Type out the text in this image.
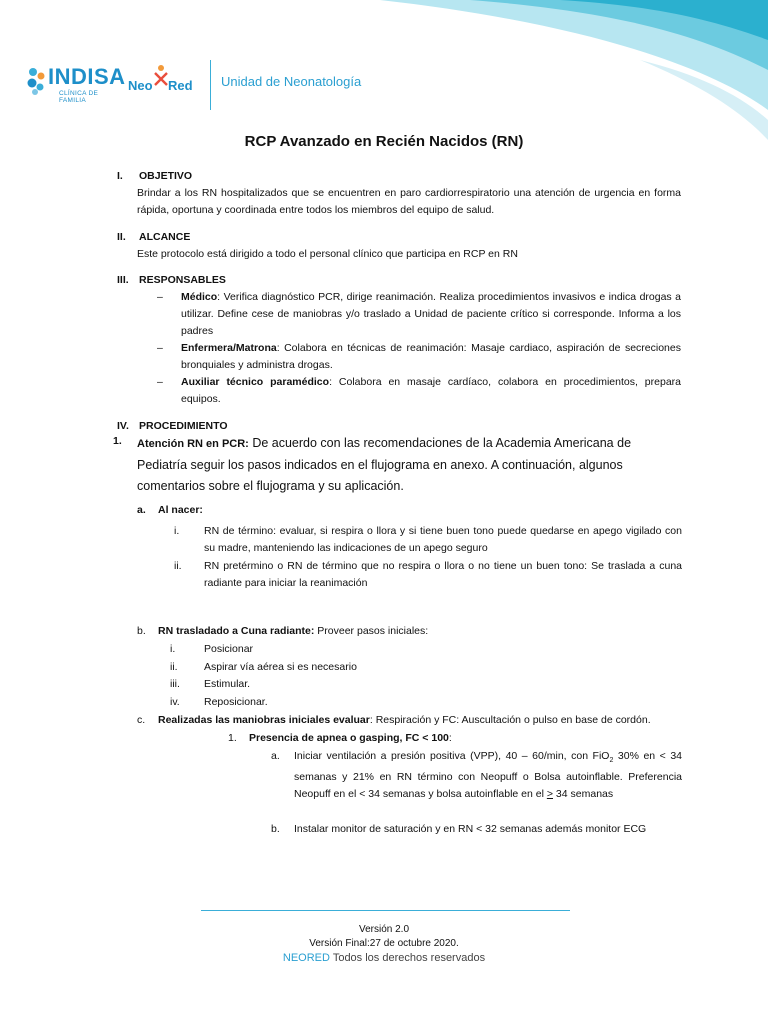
INDISA
CLÍNICA DE FAMILIA
Neo Red Unidad de Neonatología
RCP Avanzado en Recién Nacidos (RN)
I. OBJETIVO
Brindar a los RN hospitalizados que se encuentren en paro cardiorrespiratorio una atención de urgencia en forma rápida, oportuna y coordinada entre todos los miembros del equipo de salud.
II. ALCANCE
Este protocolo está dirigido a todo el personal clínico que participa en RCP en RN
III. RESPONSABLES
– Médico: Verifica diagnóstico PCR, dirige reanimación. Realiza procedimientos invasivos e indica drogas a utilizar. Define cese de maniobras y/o traslado a Unidad de paciente crítico si corresponde. Informa a los padres
– Enfermera/Matrona: Colabora en técnicas de reanimación: Masaje cardiaco, aspiración de secreciones bronquiales y administra drogas.
– Auxiliar técnico paramédico: Colabora en masaje cardíaco, colabora en procedimientos, prepara equipos.
IV. PROCEDIMIENTO
1. Atención RN en PCR: De acuerdo con las recomendaciones de la Academia Americana de Pediatría seguir los pasos indicados en el flujograma en anexo. A continuación, algunos comentarios sobre el flujograma y su aplicación.
a. Al nacer:
i. RN de término: evaluar, si respira o llora y si tiene buen tono puede quedarse en apego vigilado con su madre, manteniendo las indicaciones de un apego seguro
ii. RN pretérmino o RN de término que no respira o llora o no tiene un buen tono: Se traslada a cuna radiante para iniciar la reanimación
b. RN trasladado a Cuna radiante: Proveer pasos iniciales:
i.	Posicionar
ii.	Aspirar vía aérea si es necesario
iii. Estimular.
iv. Reposicionar.
c. Realizadas las maniobras iniciales evaluar: Respiración y FC: Auscultación o pulso en base de cordón.
1. Presencia de apnea o gasping, FC < 100:
a. Iniciar ventilación a presión positiva (VPP), 40 – 60/min, con FiO$_2$ 30% en < 34 semanas y 21% en RN término con Neopuff o Bolsa autoinflable. Preferencia Neopuff en el < 34 semanas y bolsa autoinflable en el > 34 semanas
b. Instalar monitor de saturación y en RN < 32 semanas además monitor ECG
Versión 2.0
Versión Final:27 de octubre 2020.
NEORED Todos los derechos reservados
